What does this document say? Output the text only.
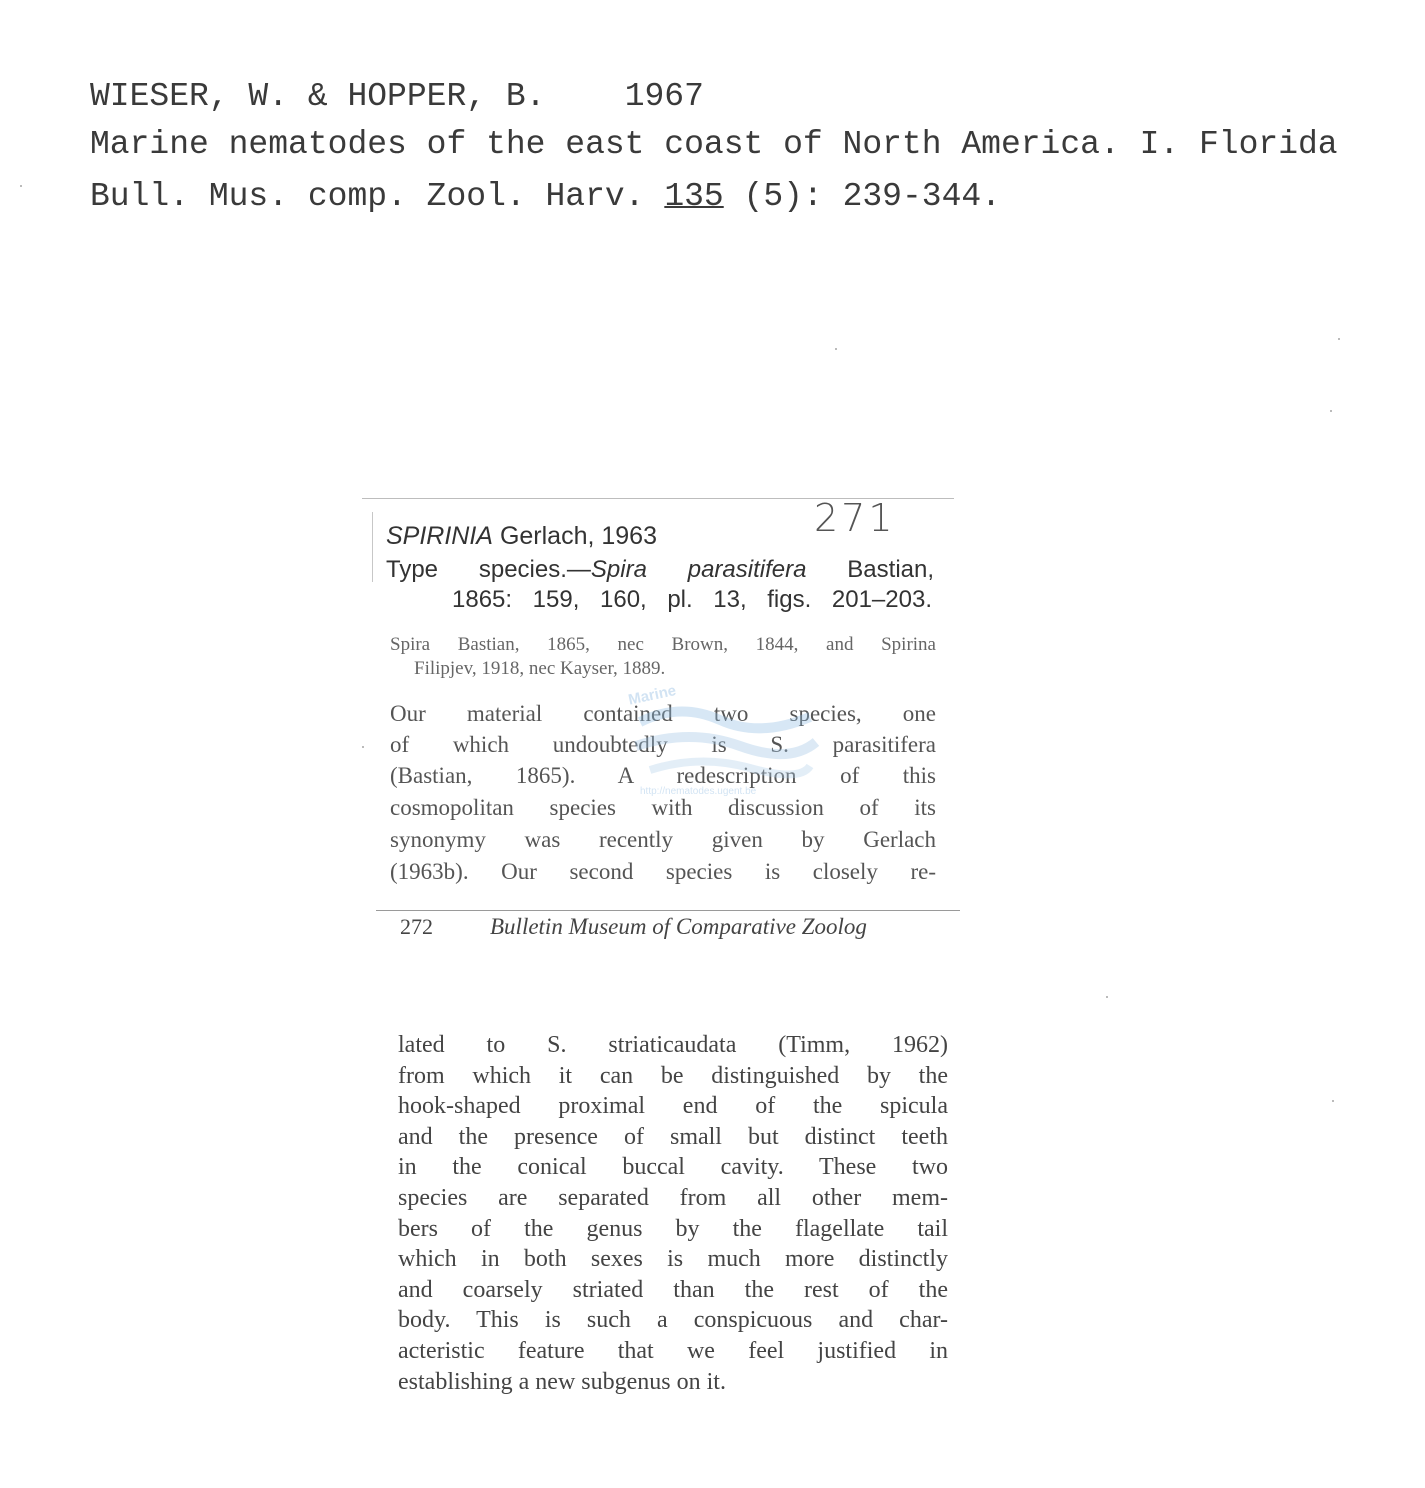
WIESER, W. & HOPPER, B. 1967
Marine nematodes of the east coast of North America. I. Florida
Bull. Mus. comp. Zool. Harv. 135 (5): 239-344.
271
SPIRINIA Gerlach, 1963
Type species.—Spira parasitifera Bastian,
1865: 159, 160, pl. 13, figs. 201–203.
Spira Bastian, 1865, nec Brown, 1844, and Spirina
Filipjev, 1918, nec Kayser, 1889.
Our material contained two species, one
of which undoubtedly is S. parasitifera
(Bastian, 1865). A redescription of this
cosmopolitan species with discussion of its
synonymy was recently given by Gerlach
(1963b). Our second species is closely re-
272 Bulletin Museum of Comparative Zoolog
Marine
http://nematodes.ugent.be
lated to S. striaticaudata (Timm, 1962)
from which it can be distinguished by the
hook-shaped proximal end of the spicula
and the presence of small but distinct teeth
in the conical buccal cavity. These two
species are separated from all other mem-
bers of the genus by the flagellate tail
which in both sexes is much more distinctly
and coarsely striated than the rest of the
body. This is such a conspicuous and char-
acteristic feature that we feel justified in
establishing a new subgenus on it.
